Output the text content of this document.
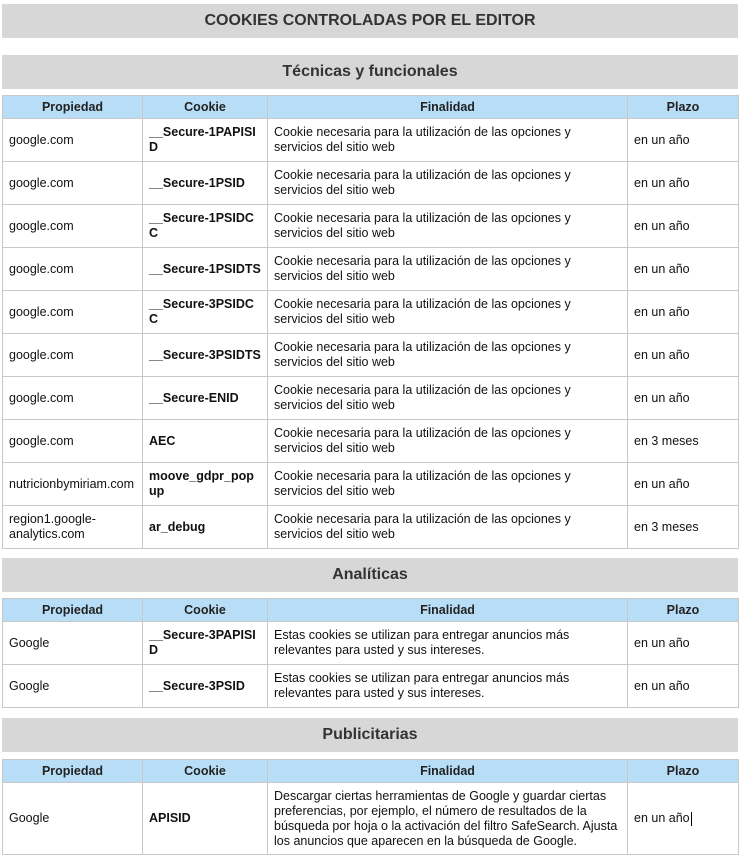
COOKIES CONTROLADAS POR EL EDITOR
Técnicas y funcionales
Propiedad	Cookie	Finalidad	Plazo
google.com	__Secure-1PAPISID	Cookie necesaria para la utilización de las opciones y servicios del sitio web	en un año
google.com	__Secure-1PSID	Cookie necesaria para la utilización de las opciones y servicios del sitio web	en un año
google.com	__Secure-1PSIDCC	Cookie necesaria para la utilización de las opciones y servicios del sitio web	en un año
google.com	__Secure-1PSIDTS	Cookie necesaria para la utilización de las opciones y servicios del sitio web	en un año
google.com	__Secure-3PSIDCC	Cookie necesaria para la utilización de las opciones y servicios del sitio web	en un año
google.com	__Secure-3PSIDTS	Cookie necesaria para la utilización de las opciones y servicios del sitio web	en un año
google.com	__Secure-ENID	Cookie necesaria para la utilización de las opciones y servicios del sitio web	en un año
google.com	AEC	Cookie necesaria para la utilización de las opciones y servicios del sitio web	en 3 meses
nutricionbymiriam.com	moove_gdpr_popup	Cookie necesaria para la utilización de las opciones y servicios del sitio web	en un año
region1.google-analytics.com	ar_debug	Cookie necesaria para la utilización de las opciones y servicios del sitio web	en 3 meses
Analíticas
Propiedad	Cookie	Finalidad	Plazo
Google	__Secure-3PAPISID	Estas cookies se utilizan para entregar anuncios más relevantes para usted y sus intereses.	en un año
Google	__Secure-3PSID	Estas cookies se utilizan para entregar anuncios más relevantes para usted y sus intereses.	en un año
Publicitarias
Propiedad	Cookie	Finalidad	Plazo
Google	APISID	Descargar ciertas herramientas de Google y guardar ciertas preferencias, por ejemplo, el número de resultados de la búsqueda por hoja o la activación del filtro SafeSearch. Ajusta los anuncios que aparecen en la búsqueda de Google.	en un año
